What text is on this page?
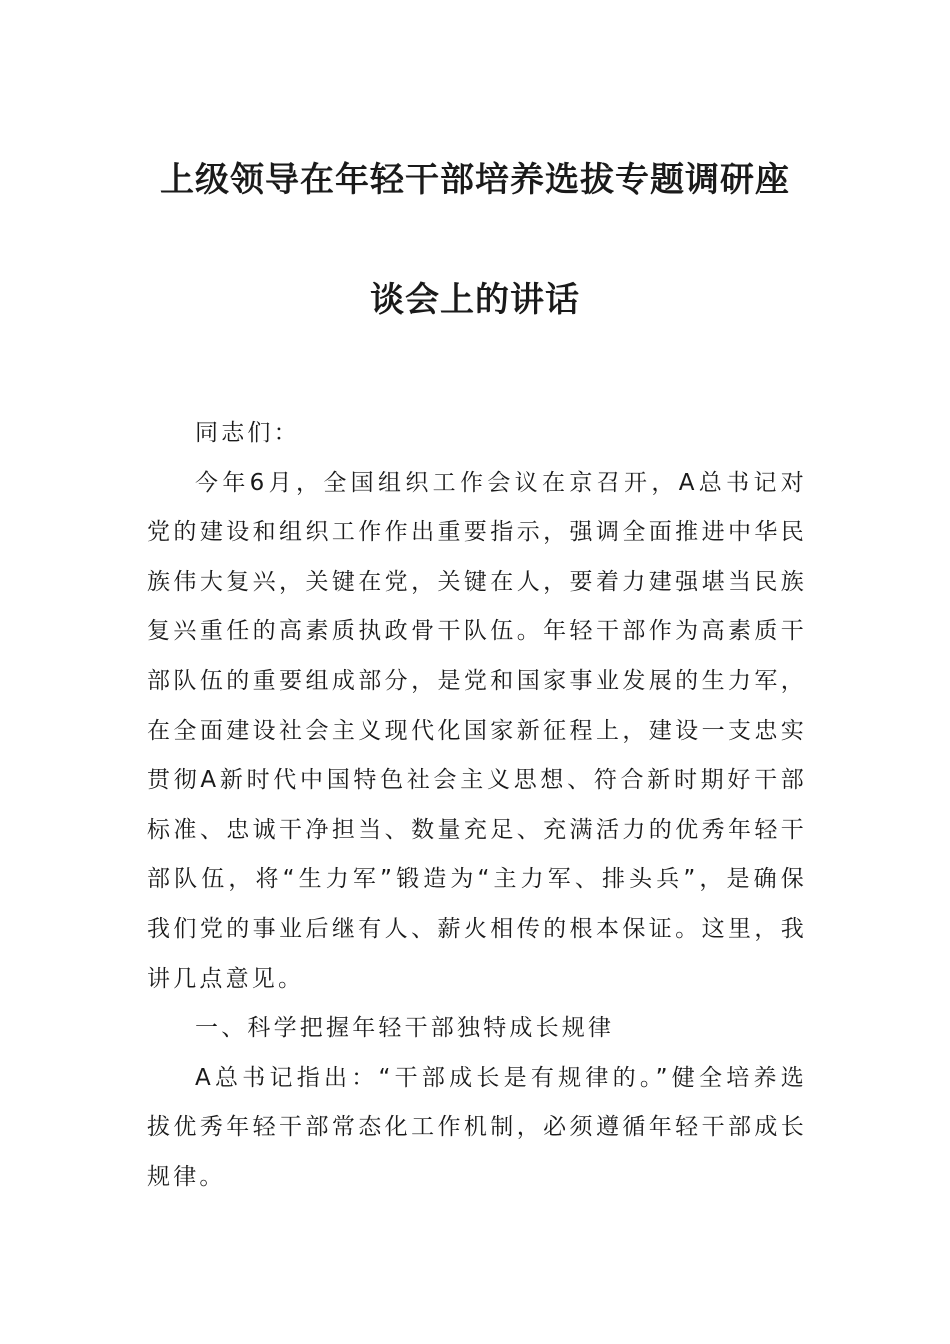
上级领导在年轻干部培养选拔专题调研座
谈会上的讲话

同志们：

今年6月，全国组织工作会议在京召开，A总书记对党的建设和组织工作作出重要指示，强调全面推进中华民族伟大复兴，关键在党，关键在人，要着力建强堪当民族复兴重任的高素质执政骨干队伍。年轻干部作为高素质干部队伍的重要组成部分，是党和国家事业发展的生力军，在全面建设社会主义现代化国家新征程上，建设一支忠实贯彻A新时代中国特色社会主义思想、符合新时期好干部标准、忠诚干净担当、数量充足、充满活力的优秀年轻干部队伍，将“生力军”锻造为“主力军、排头兵”，是确保我们党的事业后继有人、薪火相传的根本保证。这里，我讲几点意见。

一、科学把握年轻干部独特成长规律

A总书记指出：“干部成长是有规律的。”健全培养选拔优秀年轻干部常态化工作机制，必须遵循年轻干部成长规律。
